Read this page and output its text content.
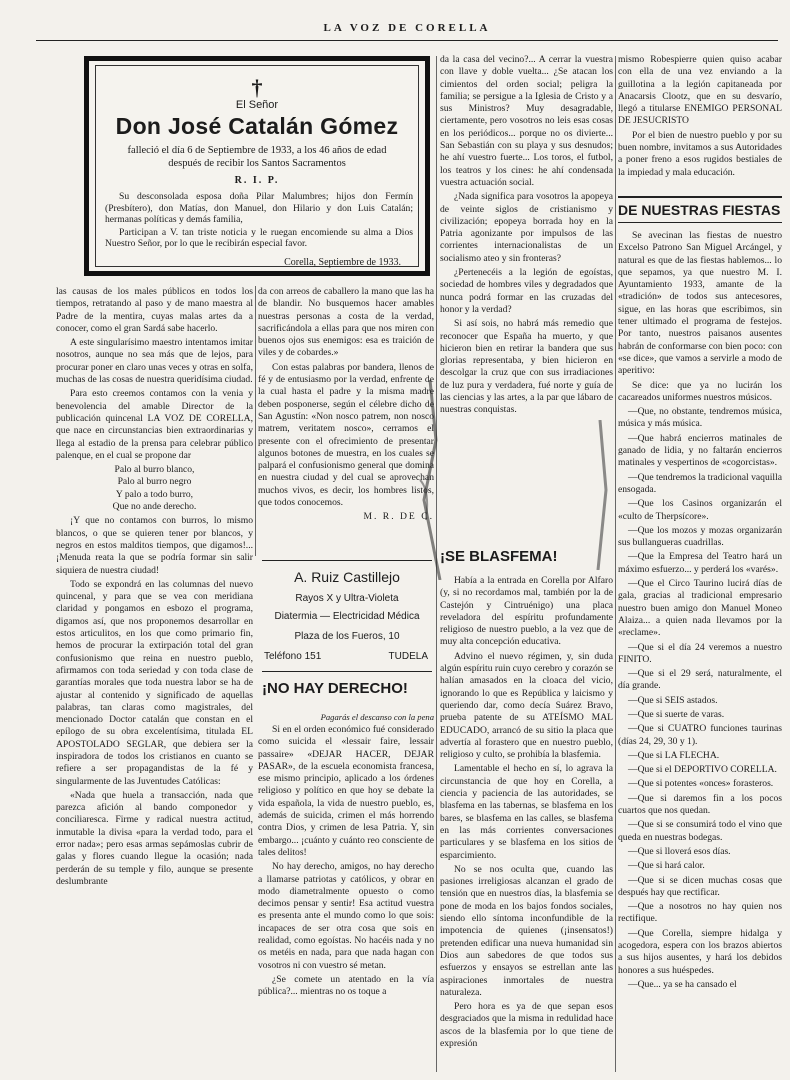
LA VOZ DE CORELLA
†
El Señor
Don José Catalán Gómez
falleció el día 6 de Septiembre de 1933, a los 46 años de edad
después de recibir los Santos Sacramentos
R. I. P.

Su desconsolada esposa doña Pilar Malumbres; hijos don Fermín (Presbítero), don Matías, don Manuel, don Hilario y don Luis Catalán; hermanas políticas y demás familia,

Participan a V. tan triste noticia y le ruegan encomiende su alma a Dios Nuestro Señor, por lo que le recibirán especial favor.

Corella, Septiembre de 1933.

las causas de los males públicos en todos los tiempos, retratando al paso y de mano maestra al Padre de la mentira, cuyas malas artes da a conocer, como el gran Sardá sabe hacerlo.

A este singularísimo maestro intentamos imitar nosotros, aunque no sea más que de lejos, para procurar poner en claro unas veces y otras en solfa, muchas de las cosas de nuestra queridísima ciudad.

Para esto creemos contamos con la venia y benevolencia del amable Director de la publicación quincenal LA VOZ DE CORELLA, que nace en circunstancias bien extraordinarias y llega al estadio de la prensa para celebrar público palenque, en el cual se propone dar

Palo al burro blanco,

Palo al burro negro

Y palo a todo burro,

Que no ande derecho.

¡Y que no contamos con burros, lo mismo blancos, o que se quieren tener por blancos, y negros en estos malditos tiempos, que digamos!... ¡Menuda reata la que se podría formar sin salir siquiera de nuestra ciudad!

Todo se expondrá en las columnas del nuevo quincenal, y para que se vea con meridiana claridad y pongamos en esbozo el programa, digamos así, que nos proponemos desarrollar en estos articulitos, en los que como primario fin, hemos de procurar la extirpación total del gran confusionismo que reina en nuestro pueblo, afirmamos con toda seriedad y con toda clase de garantías morales que toda nuestra labor se ha de ajustar al contenido y significado de aquellas palabras, tan claras como magistrales, del mencionado Doctor catalán que constan en el epílogo de su obra excelentísima, titulada EL APOSTOLADO SEGLAR, que debiera ser la inspiradora de todos los cristianos en cuanto se refiere a ser propagandistas de la fé y singularmente de las Juventudes Católicas:

«Nada que huela a transacción, nada que parezca afición al bando componedor y conciliaresca. Firme y radical nuestra actitud, inmutable la divisa «para la verdad todo, para el error nada»; pero esas armas sepámoslas cubrir de galas y flores cuando llegue la ocasión; nada perderán de su temple y filo, aunque se presente deslumbrante

da con arreos de caballero la mano que las ha de blandir. No busquemos hacer amables nuestras personas a costa de la verdad, sacrificándola a ellas para que nos miren con buenos ojos sus enemigos: esa es traición de viles y de cobardes.»

Con estas palabras por bandera, llenos de fé y de entusiasmo por la verdad, enfrente de la cual hasta el padre y la misma madre deben posponerse, según el célebre dicho de San Agustín: «Non nosco patrem, non nosco matrem, veritatem nosco», cerramos el presente con el ofrecimiento de presentar algunos botones de muestra, en los cuales se palpará el confusionismo general que domina en nuestra ciudad y del cual se aprovechan muchos vivos, es decir, los hombres listos, que todos conocemos.

M. R. DE C.

A. Ruiz Castillejo
Rayos X y Ultra-Violeta
Diatermia — Electricidad Médica
Plaza de los Fueros, 10
Teléfono 151	TUDELA
¡NO HAY DERECHO!

Pagarás el descanso con la pena

Si en el orden económico fué considerado como suicida el «lessair faire, lessair passaire» «DEJAR HACER, DEJAR PASAR», de la escuela economista francesa, ese mismo principio, aplicado a los órdenes religioso y político en que hoy se debate la vida española, la vida de nuestro pueblo, es, además de suicida, crimen el más horrendo contra Dios, y crimen de lesa Patria. Y, sin embargo... ¡cuánto y cuánto reo consciente de tales delitos!

No hay derecho, amigos, no hay derecho a llamarse patriotas y católicos, y obrar en modo diametralmente opuesto o como decimos pensar y sentir! Esa actitud vuestra es presenta ante el mundo como lo que sois: incapaces de ser otra cosa que sois en realidad, como egoístas. No hacéis nada y no os metéis en nada, para que nada hagan con vosotros ni con vuestro sé metan.

¿Se comete un atentado en la vía pública?... mientras no os toque a

da la casa del vecino?... A cerrar la vuestra con llave y doble vuelta... ¿Se atacan los cimientos del orden social; peligra la familia; se persigue a la Iglesia de Cristo y a sus Ministros? Muy desagradable, ciertamente, pero vosotros no leis esas cosas en los periódicos... porque no os divierte... San Sebastián con su playa y sus desnudos; he ahí vuestro fuerte... Los toros, el futbol, los teatros y los cines: he ahí condensada vuestra actuación social.

¿Nada significa para vosotros la apopeya de veinte siglos de cristianismo y civilización; epopeya borrada hoy en la Patria agonizante por impulsos de las corrientes internacionalistas de un socialismo ateo y sin fronteras?

¿Pertenecéis a la legión de egoístas, sociedad de hombres viles y degradados que nunca podrá formar en las cruzadas del honor y la verdad?

Si así sois, no habrá más remedio que reconocer que España ha muerto, y que hicieron bien en retirar la bandera que sus glorias representaba, y bien hicieron en descolgar la cruz que con sus irradiaciones de luz pura y verdadera, fué norte y guía de las ciencias y las artes, a la par que lábaro de nuestras conquistas.

¡SE BLASFEMA!

Había a la entrada en Corella por Alfaro (y, si no recordamos mal, también por la de Castejón y Cintruénigo) una placa reveladora del espíritu profundamente religioso de nuestro pueblo, a la vez que de muy alta concepción educativa.

Advino el nuevo régimen, y, sin duda algún espíritu ruin cuyo cerebro y corazón se halían amasados en la cloaca del vicio, ignorando lo que es República y laicismo y queriendo dar, como decía Suárez Bravo, prueba patente de su ATEÍSMO MAL EDUCADO, arrancó de su sitio la placa que advertía al forastero que en nuestro pueblo, religioso y culto, se prohibía la blasfemia.

Lamentable el hecho en sí, lo agrava la circunstancia de que hoy en Corella, a ciencia y paciencia de las autoridades, se blasfema en las tabernas, se blasfema en los bares, se blasfema en las calles, se blasfema en las más corrientes conversaciones particulares y se blasfema en los sitios de esparcimiento.

No se nos oculta que, cuando las pasiones irreligiosas alcanzan el grado de tensión que en nuestros días, la blasfemia se pone de moda en los bajos fondos sociales, siendo ello síntoma inconfundible de la impotencia de quienes (¡insensatos!) pretenden edificar una nueva humanidad sin Dios aun sabedores de que todos sus esfuerzos y ensayos se estrellan ante las aspiraciones inmortales de nuestra naturaleza.

Pero hora es ya de que sepan esos desgraciados que la misma in redulidad hace ascos de la blasfemia por lo que tiene de expresión

mismo Robespierre quien quiso acabar con ella de una vez enviando a la guillotina a la legión capitaneada por Anacarsis Clootz, que en su desvarío, llegó a titularse ENEMIGO PERSONAL DE JESUCRISTO

Por el bien de nuestro pueblo y por su buen nombre, invitamos a sus Autoridades a poner freno a esos rugidos bestiales de la impiedad y mala educación.

DE NUESTRAS FIESTAS

Se avecinan las fiestas de nuestro Excelso Patrono San Miguel Arcángel, y natural es que de las fiestas hablemos... lo que sepamos, ya que nuestro M. I. Ayuntamiento 1933, amante de la «tradición» de todos sus antecesores, sigue, en las horas que escribimos, sin tener ultimado el programa de festejos. Por tanto, nuestros paisanos ausentes habrán de conformarse con bien poco: con «se dice», que vamos a servirle a modo de aperitivo:

Se dice: que ya no lucirán los cacareados uniformes nuestros músicos.

—Que, no obstante, tendremos música, música y más música.

—Que habrá encierros matinales de ganado de lidia, y no faltarán encierros matinales y vespertinos de «cogorcistas».

—Que tendremos la tradicional vaquilla ensogada.

—Que los Casinos organizarán el «culto de Therpsícore».

—Que los mozos y mozas organizarán sus bullangueras cuadrillas.

—Que la Empresa del Teatro hará un máximo esfuerzo... y perderá los «varés».

—Que el Circo Taurino lucirá días de gala, gracias al tradicional empresario nuestro buen amigo don Manuel Moneo Alaiza... a quien nada llevamos por la «reclame».

—Que si el día 24 veremos a nuestro FINITO.

—Que si el 29 será, naturalmente, el día grande.

—Que si SEIS astados.

—Que si suerte de varas.

—Que si CUATRO funciones taurinas (días 24, 29, 30 y 1).

—Que si LA FLECHA.

—Que si el DEPORTIVO CORELLA.

—Que si potentes «onces» forasteros.

—Que si daremos fin a los pocos cuartos que nos quedan.

—Que si se consumirá todo el vino que queda en nuestras bodegas.

—Que si lloverá esos días.

—Que si hará calor.

—Que si se dicen muchas cosas que después hay que rectificar.

—Que a nosotros no hay quien nos rectifique.

—Que Corella, siempre hidalga y acogedora, espera con los brazos abiertos a sus hijos ausentes, y hará los debidos honores a sus huéspedes.

—Que... ya se ha cansado el
